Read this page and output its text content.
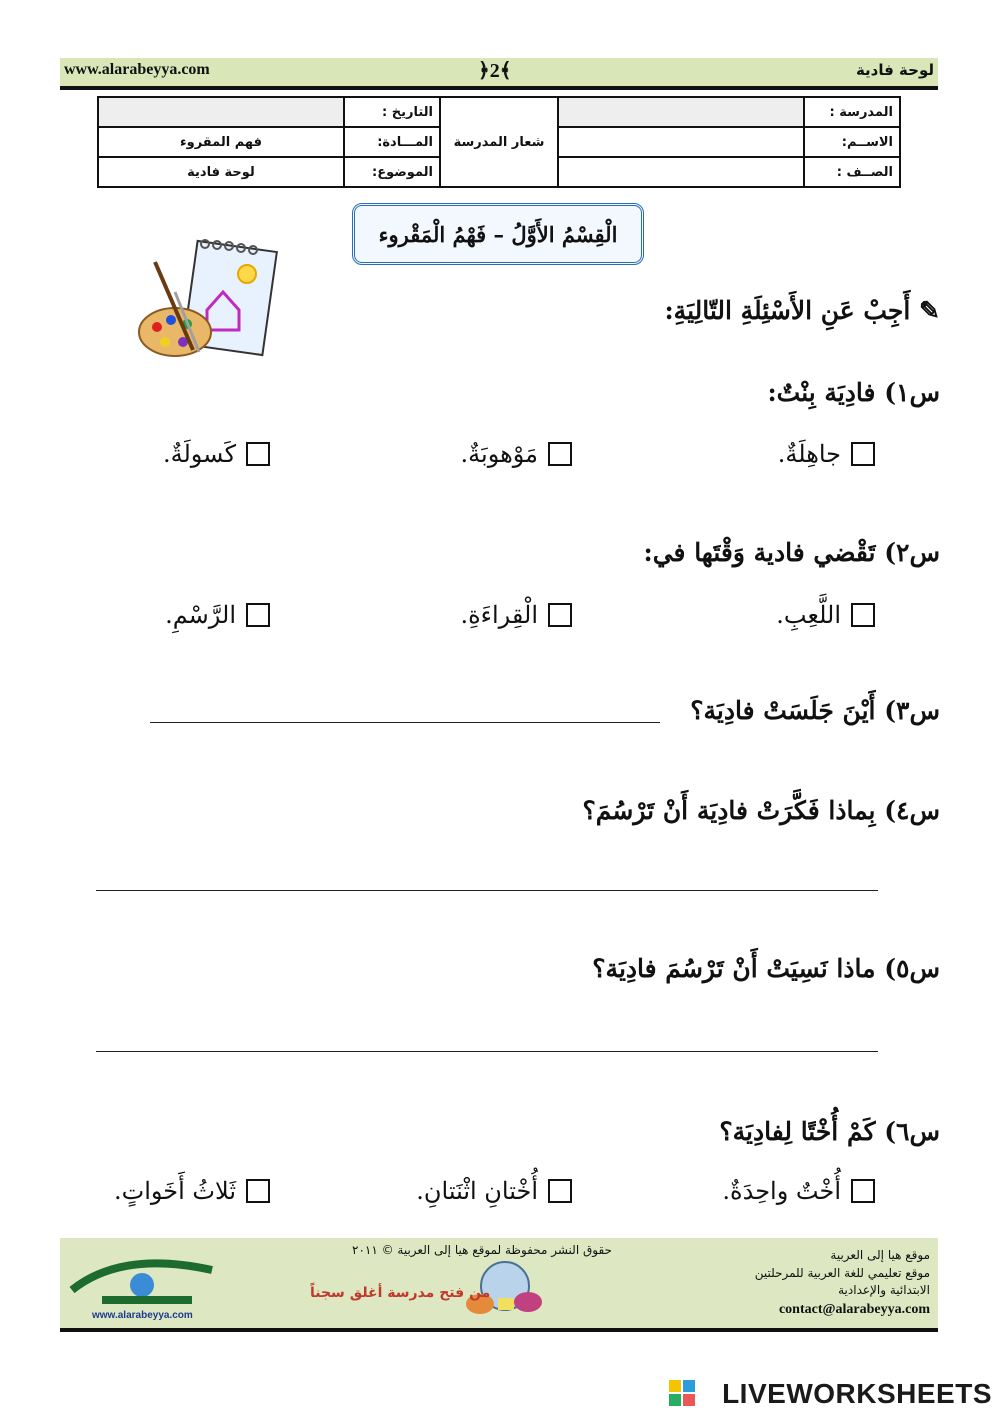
www.alarabeyya.com	﴿2﴾	لوحة فادية
المدرسة :		شعار المدرسة	التاريخ :	
الاســم:			المـــادة:	فهم المقروء
الصــف :			الموضوع:	لوحة فادية
الْقِسْمُ الأَوَّلُ – فَهْمُ الْمَقْروء
✎ أَجِبْ عَنِ الأَسْئِلَةِ التّالِيَةِ:
س١) فادِيَة بِنْتٌ:
جاهِلَةٌ.
مَوْهوبَةٌ.
كَسولَةٌ.
س٢) تَقْضي فادية وَقْتَها في:
اللَّعِبِ.
الْقِراءَةِ.
الرَّسْمِ.
س٣) أَيْنَ جَلَسَتْ فادِيَة؟
س٤) بِماذا فَكَّرَتْ فادِيَة أَنْ تَرْسُمَ؟
س٥) ماذا نَسِيَتْ أَنْ تَرْسُمَ فادِيَة؟
س٦) كَمْ أُخْتًا لِفادِيَة؟
أُخْتٌ واحِدَةٌ.
أُخْتانِ اثْنَتانِ.
ثَلاثُ أَخَواتٍ.
www.alarabeyya.com
حقوق النشر محفوظة لموقع هيا إلى العربية © ٢٠١١
من فتح مدرسة أغلق سجناً
موقع هيا إلى العربية
موقع تعليمي للغة العربية للمرحلتين
الابتدائية والإعدادية
contact@alarabeyya.com
LIVEWORKSHEETS
